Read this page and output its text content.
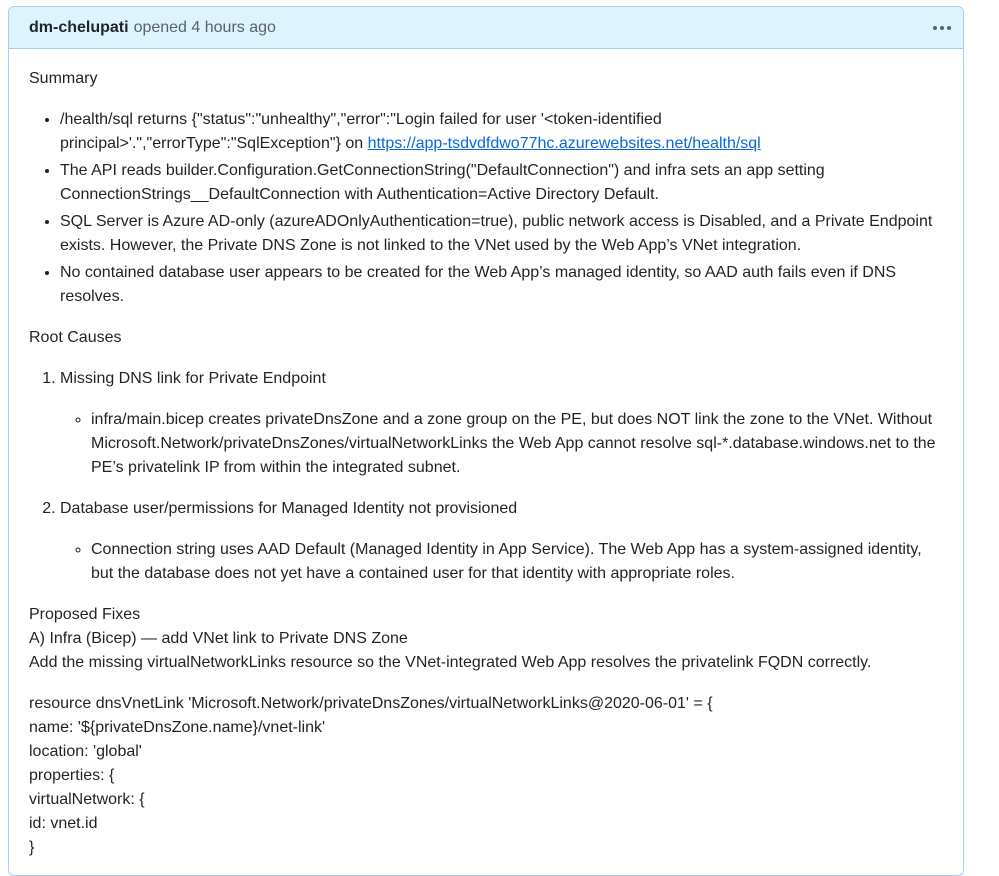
dm-chelupati opened 4 hours ago

Summary

• /health/sql returns {"status":"unhealthy","error":"Login failed for user '<token-identified principal>'.","errorType":"SqlException"} on https://app-tsdvdfdwo77hc.azurewebsites.net/health/sql
• The API reads builder.Configuration.GetConnectionString("DefaultConnection") and infra sets an app setting ConnectionStrings__DefaultConnection with Authentication=Active Directory Default.
• SQL Server is Azure AD-only (azureADOnlyAuthentication=true), public network access is Disabled, and a Private Endpoint exists. However, the Private DNS Zone is not linked to the VNet used by the Web App’s VNet integration.
• No contained database user appears to be created for the Web App’s managed identity, so AAD auth fails even if DNS resolves.

Root Causes

1. Missing DNS link for Private Endpoint
◦ infra/main.bicep creates privateDnsZone and a zone group on the PE, but does NOT link the zone to the VNet. Without Microsoft.Network/privateDnsZones/virtualNetworkLinks the Web App cannot resolve sql-*.database.windows.net to the PE’s privatelink IP from within the integrated subnet.
2. Database user/permissions for Managed Identity not provisioned
◦ Connection string uses AAD Default (Managed Identity in App Service). The Web App has a system-assigned identity, but the database does not yet have a contained user for that identity with appropriate roles.
Proposed Fixes
A) Infra (Bicep) — add VNet link to Private DNS Zone
Add the missing virtualNetworkLinks resource so the VNet-integrated Web App resolves the privatelink FQDN correctly.
resource dnsVnetLink 'Microsoft.Network/privateDnsZones/virtualNetworkLinks@2020-06-01' = {
name: '${privateDnsZone.name}/vnet-link'
location: 'global'
properties: {
virtualNetwork: {
id: vnet.id
}
